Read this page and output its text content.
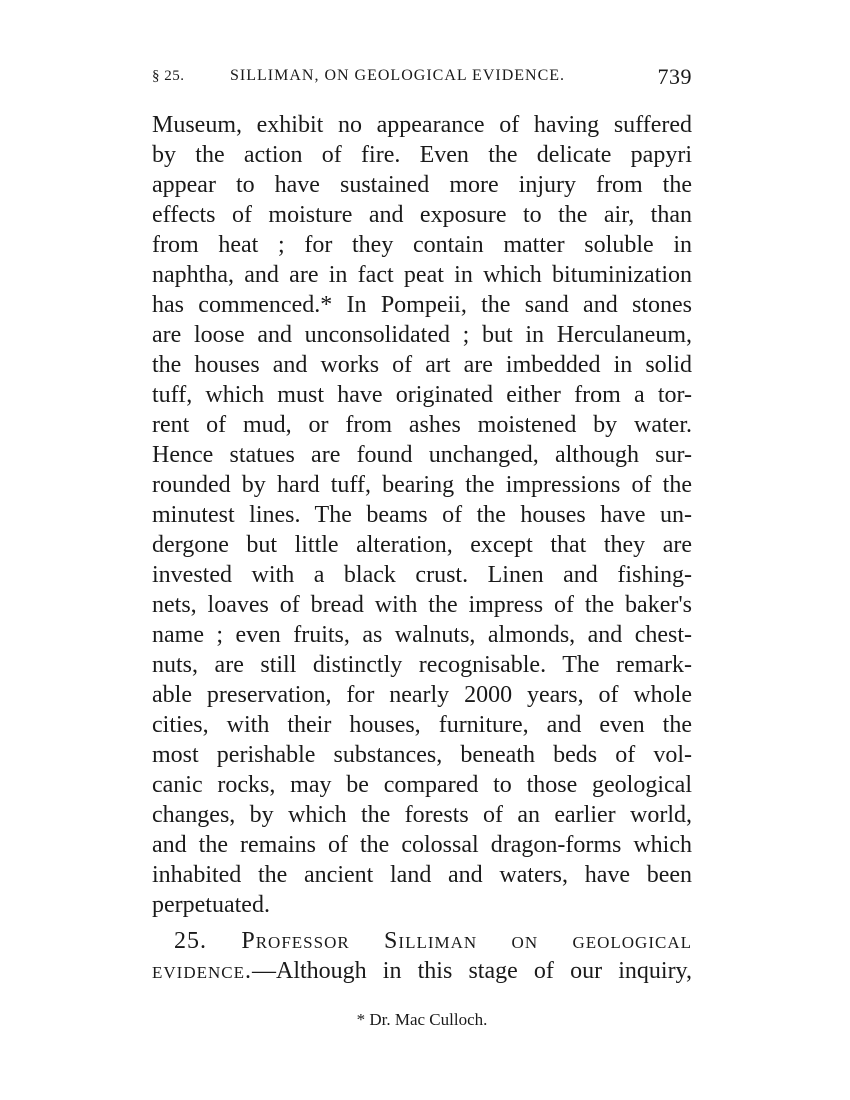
§ 25.	SILLIMAN, ON GEOLOGICAL EVIDENCE.	739
Museum, exhibit no appearance of having suffered
by the action of fire. Even the delicate papyri
appear to have sustained more injury from the
effects of moisture and exposure to the air, than
from heat ; for they contain matter soluble in
naphtha, and are in fact peat in which bituminization
has commenced.* In Pompeii, the sand and stones
are loose and unconsolidated ; but in Herculaneum,
the houses and works of art are imbedded in solid
tuff, which must have originated either from a tor-
rent of mud, or from ashes moistened by water.
Hence statues are found unchanged, although sur-
rounded by hard tuff, bearing the impressions of the
minutest lines. The beams of the houses have un-
dergone but little alteration, except that they are
invested with a black crust. Linen and fishing-
nets, loaves of bread with the impress of the baker's
name ; even fruits, as walnuts, almonds, and chest-
nuts, are still distinctly recognisable. The remark-
able preservation, for nearly 2000 years, of whole
cities, with their houses, furniture, and even the
most perishable substances, beneath beds of vol-
canic rocks, may be compared to those geological
changes, by which the forests of an earlier world,
and the remains of the colossal dragon-forms which
inhabited the ancient land and waters, have been
perpetuated.
25. Professor Silliman on geological
evidence.—Although in this stage of our inquiry,
* Dr. Mac Culloch.
